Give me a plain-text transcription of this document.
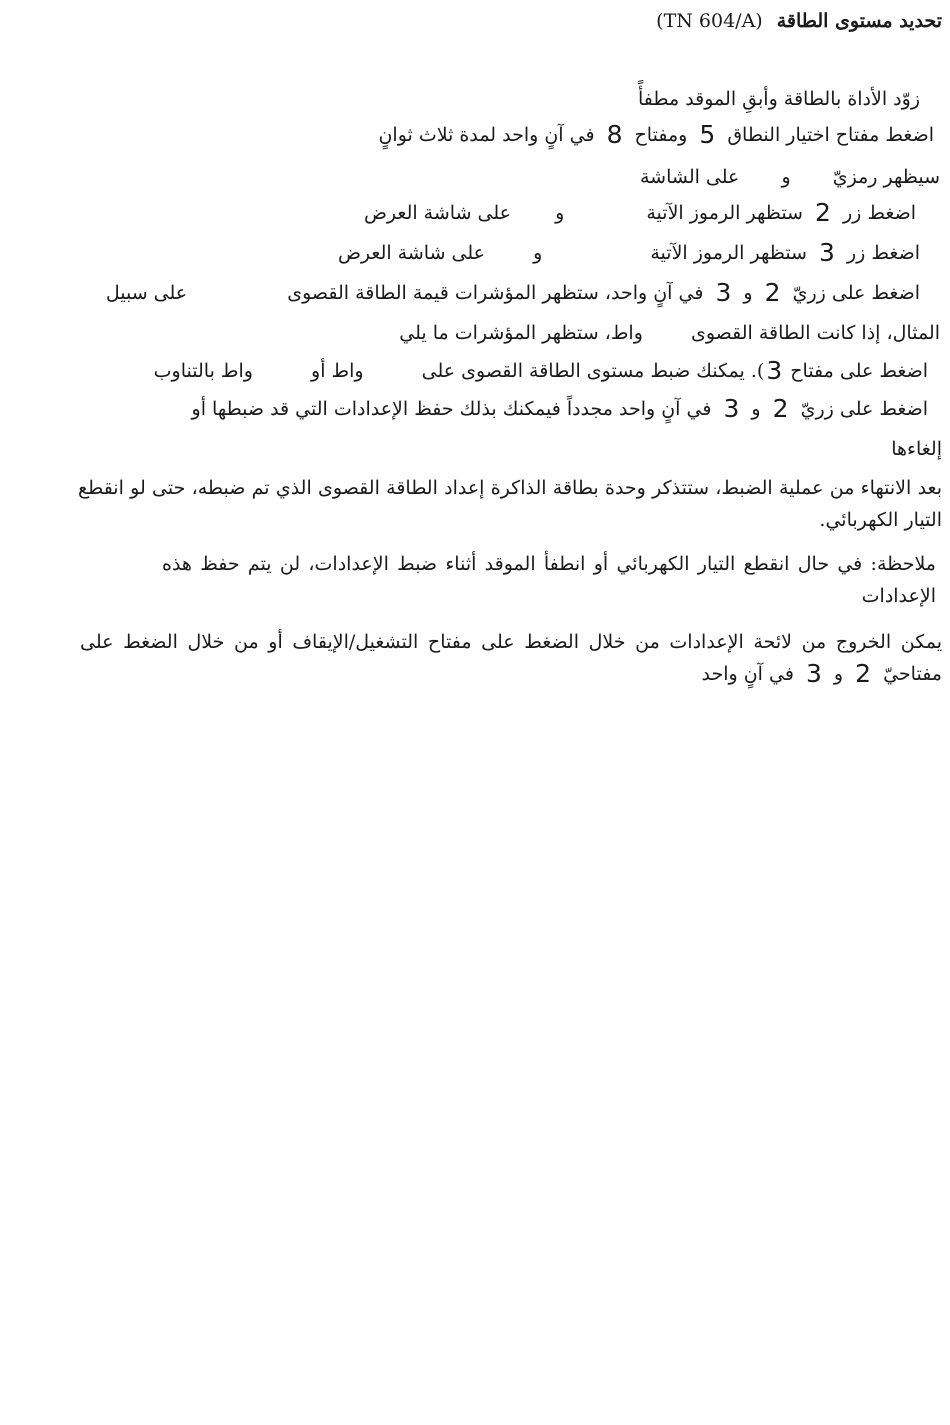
تحديد مستوى الطاقة(TN 604/A)
زوّد الأداة بالطاقة وأبقِ الموقد مطفأً
اضغط مفتاح اختيار النطاق 5 ومفتاح 8 في آنٍ واحد لمدة ثلاث ثوانٍ
سيظهر رمزيّ  و  على الشاشة
اضغط زر 2 ستظهر الرموز الآتية  و  على شاشة العرض
اضغط زر 3 ستظهر الرموز الآتية  و  على شاشة العرض
اضغط على زريّ 2 و 3 في آنٍ واحد، ستظهر المؤشرات قيمة الطاقة القصوى  على سبيل
المثال، إذا كانت الطاقة القصوى  واط، ستظهر المؤشرات ما يلي
اضغط على مفتاح 3). يمكنك ضبط مستوى الطاقة القصوى على  واط أو  واط بالتناوب
اضغط على زريّ 2 و 3 في آنٍ واحد مجدداً فيمكنك بذلك حفظ الإعدادات التي قد ضبطها أو
إلغاءها
بعد الانتهاء من عملية الضبط، ستتذكر وحدة بطاقة الذاكرة إعداد الطاقة القصوى الذي تم ضبطه، حتى لو انقطع التيار الكهربائي.
ملاحظة: في حال انقطع التيار الكهربائي أو انطفأ الموقد أثناء ضبط الإعدادات، لن يتم حفظ هذه الإعدادات
يمكن الخروج من لائحة الإعدادات من خلال الضغط على مفتاح التشغيل/الإيقاف أو من خلال الضغط على مفتاحيّ 2 و 3 في آنٍ واحد
